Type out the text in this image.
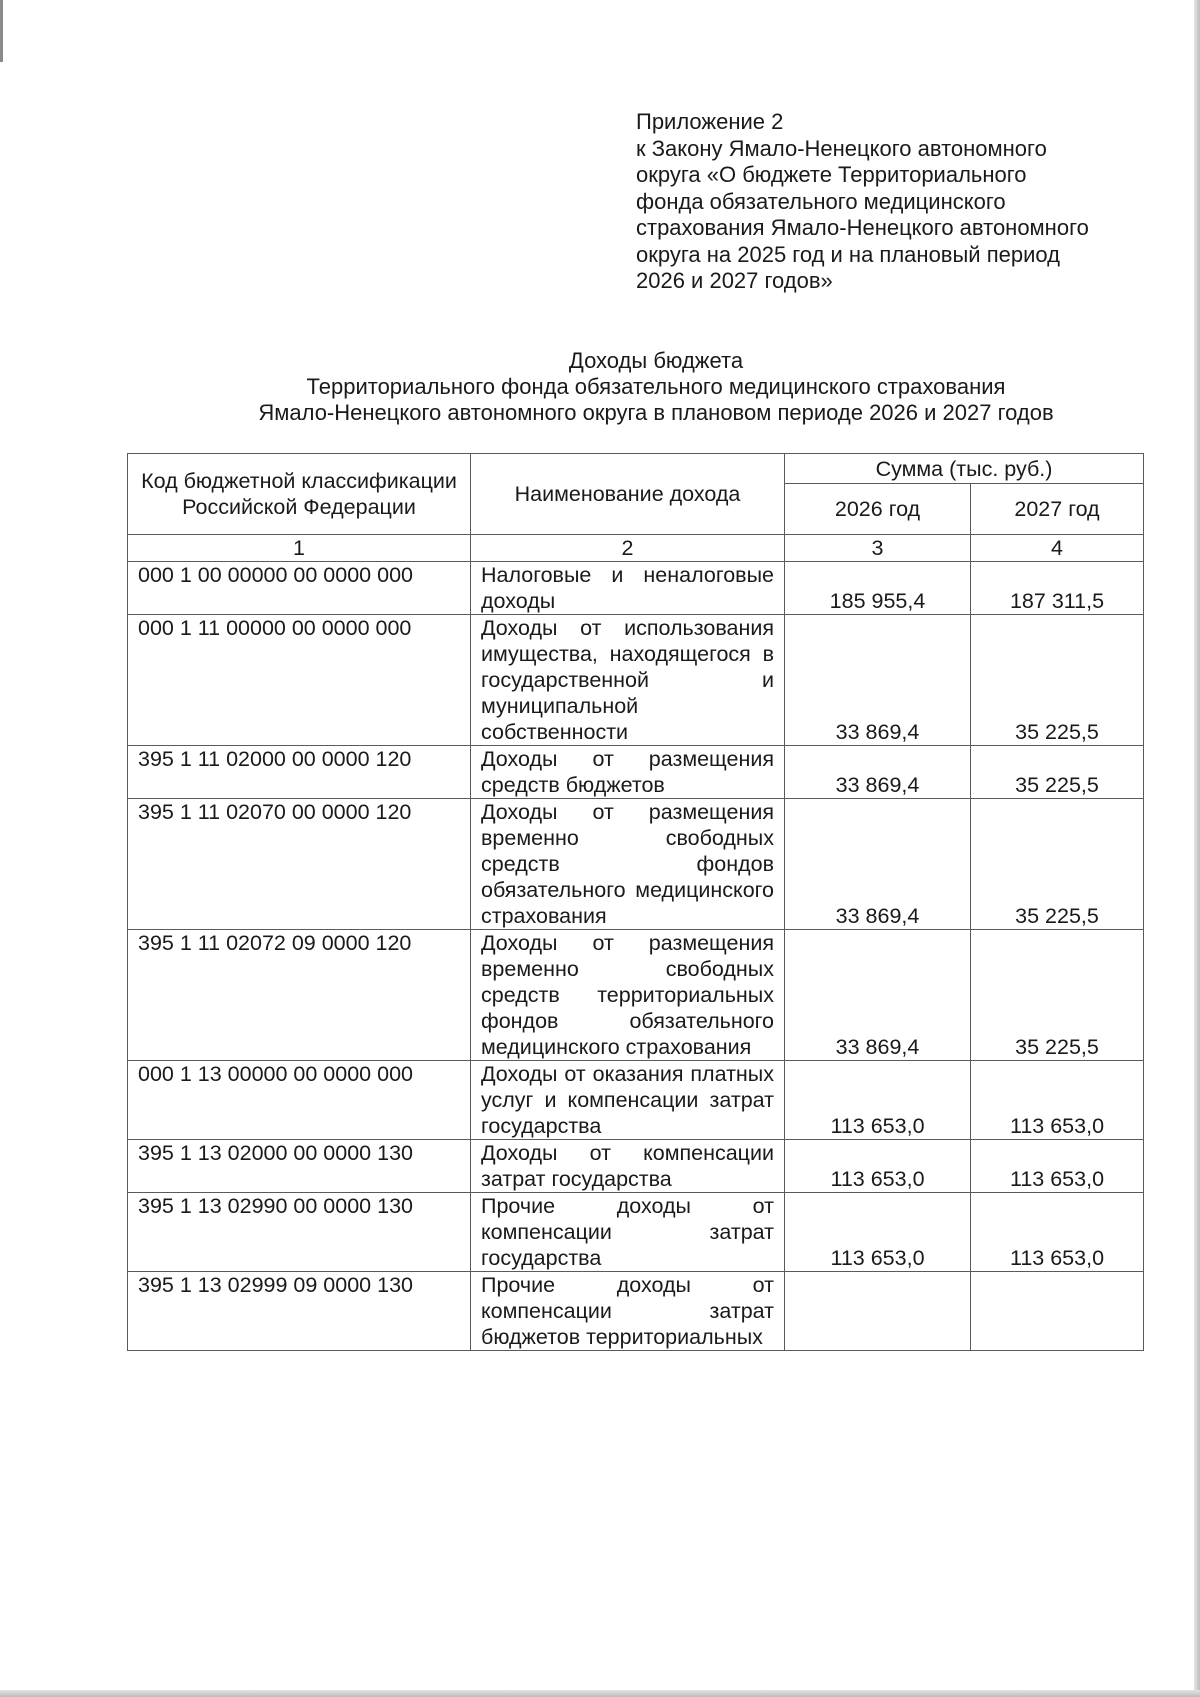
Приложение 2
к Закону Ямало-Ненецкого автономного
округа «О бюджете Территориального
фонда обязательного медицинского
страхования Ямало-Ненецкого автономного
округа на 2025 год и на плановый период
2026 и 2027 годов»
Доходы бюджета
Территориального фонда обязательного медицинского страхования
Ямало-Ненецкого автономного округа в плановом периоде 2026 и 2027 годов
Код бюджетной классификации Российской Федерации	Наименование дохода	Сумма (тыс. руб.)	
		2026 год	2027 год
1	2	3	4
000 1 00 00000 00 0000 000	Налоговые и неналоговые доходы	185 955,4	187 311,5
000 1 11 00000 00 0000 000	Доходы от использования имущества, находящегося в государственной и муниципальной собственности	33 869,4	35 225,5
395 1 11 02000 00 0000 120	Доходы от размещения средств бюджетов	33 869,4	35 225,5
395 1 11 02070 00 0000 120	Доходы от размещения временно свободных средств фондов обязательного медицинского страхования	33 869,4	35 225,5
395 1 11 02072 09 0000 120	Доходы от размещения временно свободных средств территориальных фондов обязательного медицинского страхования	33 869,4	35 225,5
000 1 13 00000 00 0000 000	Доходы от оказания платных услуг и компенсации затрат государства	113 653,0	113 653,0
395 1 13 02000 00 0000 130	Доходы от компенсации затрат государства	113 653,0	113 653,0
395 1 13 02990 00 0000 130	Прочие доходы от компенсации затрат государства	113 653,0	113 653,0
395 1 13 02999 09 0000 130	Прочие доходы от компенсации затрат бюджетов территориальных		
